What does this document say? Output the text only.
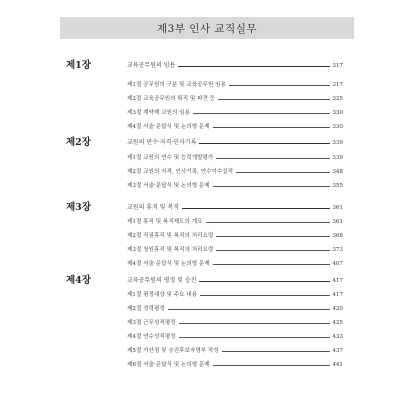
제3부 인사 교직실무
제1장	교육공무원의 임용	317
제1절 공무원의 구분 및 교육공무원 임용	317
제2절 교육공무원의 퇴직 및 파견 등	325
제3절 계약제 교원의 임용	330
제4절 서술·문답식 및 논의형 문제	330
제2장	교원의 연수·자격·인사기록	339
제1절 교원의 연수 및 능력개발평가	339
제2절 교원의 자격, 인사기록, 연수이수실적	348
제3절 서술·문답식 및 논의형 문제	355
제3장	교원의 휴직 및 복직	361
제1절 휴직 및 복직제도의 개요	361
제2절 직권휴직 및 복직의 처리요령	368
제3절 청원휴직 및 복직의 처리요령	373
제4절 서술·문답식 및 논의형 문제	407
제4장	교육공무원의 평정 및 승진	417
제1절 평정대상 및 주요 내용	417
제2절 경력평정	420
제3절 근무성적평정	425
제4절 연수성적평정	433
제5절 가산점 및 승진후보자명부 작성	437
제6절 서술·문답식 및 논의형 문제	441
